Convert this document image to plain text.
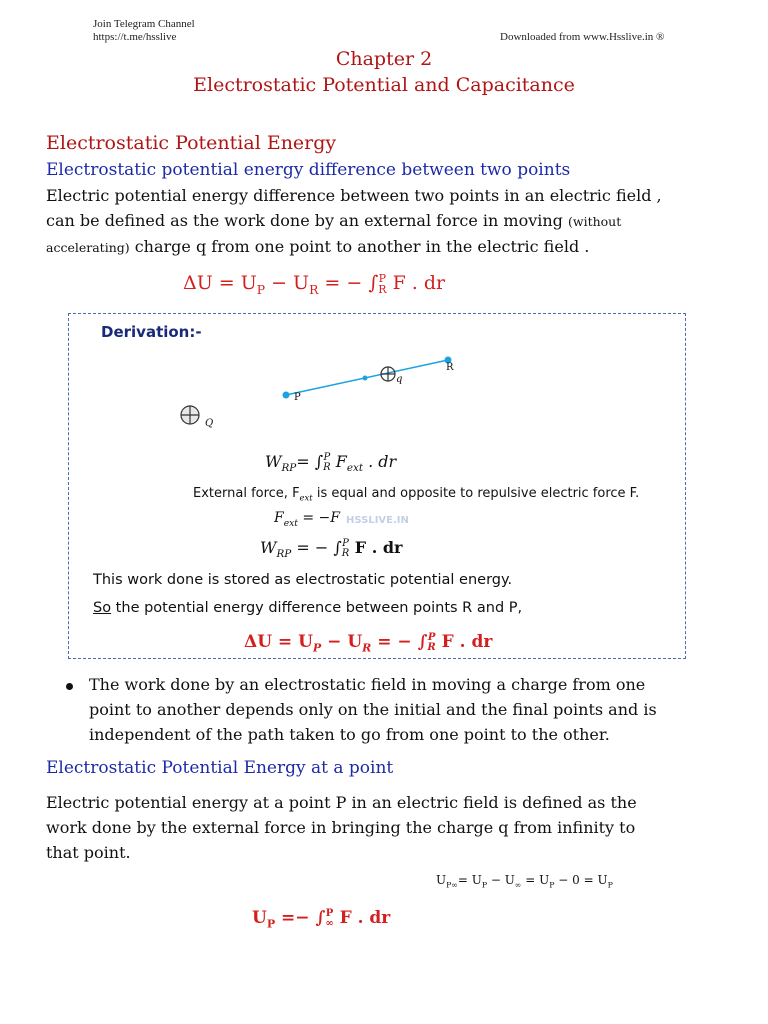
Join Telegram Channel
https://t.me/hsslive	Downloaded from www.Hsslive.in ®
Chapter 2
Electrostatic Potential and Capacitance
Electrostatic Potential Energy
Electrostatic potential energy difference between two points
Electric potential energy difference between two points in an electric field ,
can be defined as the work done by an external force in moving (without
accelerating) charge q from one point to another in the electric field .
$\Delta U = U_P - U_R$ = − ∫ P
R F . dr
Derivation:-
P
R
q
Q
HSSLIVE.IN
$W_{RP}=$ ∫ P
R $F_{ext}$ . dr
External force, $F_{ext}$ is equal and opposite to repulsive electric force F.
$F_{ext} = -F$
$W_{RP}$ = − ∫ P
R F . dr
This work done is stored as electrostatic potential energy.
So the potential energy difference between points R and P,
$\Delta U = U_P - U_R$ = − ∫ P
R F . dr
The work done by an electrostatic field in moving a charge from one
point to another depends only on the initial and the final points and is
independent of the path taken to go from one point to the other.
Electrostatic Potential Energy at a point
Electric potential energy at a point P in an electric field is defined as the
work done by the external force in bringing the charge q from infinity to
that point.
$U_{P\infty}= U_P - U_\infty = U_P - 0 = U_P$
$U_P$ =− ∫ P
∞ F . dr
